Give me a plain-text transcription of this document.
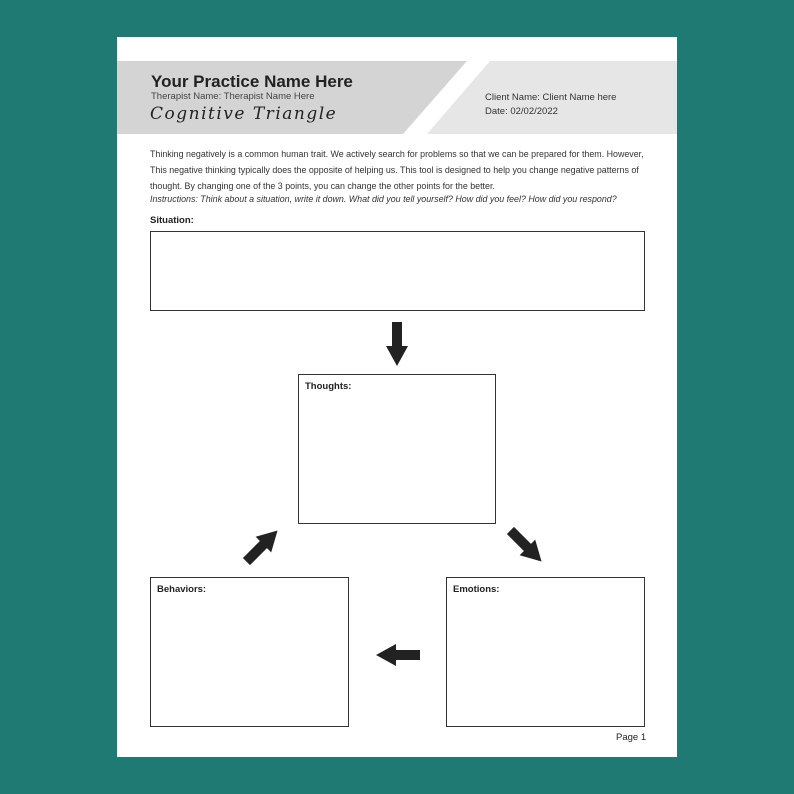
Your Practice Name Here
Therapist Name: Therapist Name Here
Cognitive Triangle
Client Name: Client Name here
Date: 02/02/2022

Thinking negatively is a common human trait. We actively search for problems so that we can be prepared for them. However, This negative thinking typically does the opposite of helping us. This tool is designed to help you change negative patterns of thought. By changing one of the 3 points, you can change the other points for the better.

Instructions: Think about a situation, write it down. What did you tell yourself? How did you feel? How did you respond?

Situation:
Thoughts:
Behaviors:	Emotions:
Page 1
